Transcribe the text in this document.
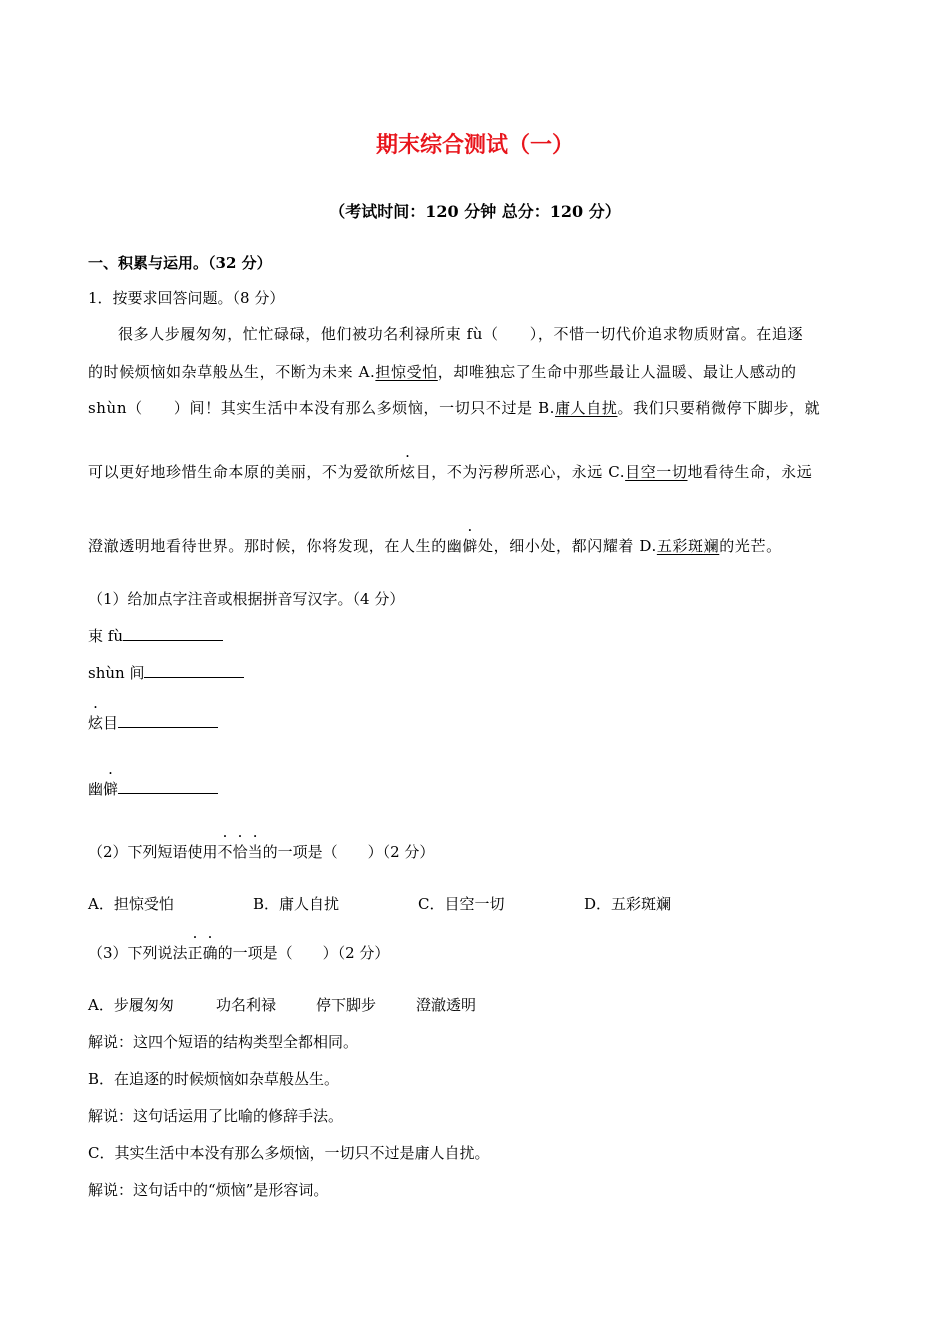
期末综合测试（一）
（考试时间：120 分钟 总分：120 分）
一、积累与运用。（32 分）
1．按要求回答问题。（8 分）
很多人步履匆匆，忙忙碌碌，他们被功名利禄所束 fù（　　），不惜一切代价追求物质财富。在追逐
的时候烦恼如杂草般丛生，不断为未来 A.担惊受怕，却唯独忘了生命中那些最让人温暖、最让人感动的
shùn（　　）间！其实生活中本没有那么多烦恼，一切只不过是 B.庸人自扰。我们只要稍微停下脚步，就
可以更好地珍惜生命本原的美丽，不为爱欲所炫目，不为污秽所恶心，永远 C.目空一切地看待生命，永远
澄澈透明地看待世界。那时候，你将发现，在人生的幽僻处，细小处，都闪耀着 D.五彩斑斓的光芒。
（1）给加点字注音或根据拼音写汉字。（4 分）
束 fù
shùn 间
炫目
幽僻
（2）下列短语使用不恰当的一项是（　　）（2 分）
A．担惊受怕	B．庸人自扰	C．目空一切	D．五彩斑斓
（3）下列说法正确的一项是（　　）（2 分）
A．步履匆匆	功名利禄	停下脚步	澄澈透明
解说：这四个短语的结构类型全都相同。
B．在追逐的时候烦恼如杂草般丛生。
解说：这句话运用了比喻的修辞手法。
C．其实生活中本没有那么多烦恼，一切只不过是庸人自扰。
解说：这句话中的“烦恼”是形容词。
